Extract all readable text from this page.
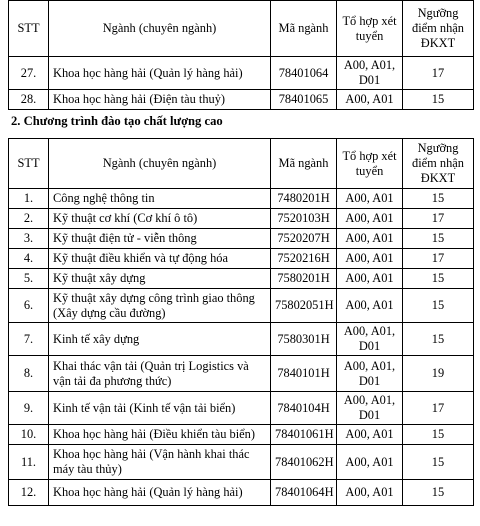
STT	Ngành (chuyên ngành)	Mã ngành	Tổ hợp xét tuyển	Ngưỡng điểm nhận ĐKXT
27.	Khoa học hàng hải (Quản lý hàng hải)	78401064	A00, A01, D01	17
28.	Khoa học hàng hải (Điện tàu thuỷ)	78401065	A00, A01	15
2. Chương trình đào tạo chất lượng cao
STT	Ngành (chuyên ngành)	Mã ngành	Tổ hợp xét tuyển	Ngưỡng điểm nhận ĐKXT
1.	Công nghệ thông tin	7480201H	A00, A01	15
2.	Kỹ thuật cơ khí (Cơ khí ô tô)	7520103H	A00, A01	17
3.	Kỹ thuật điện tử - viễn thông	7520207H	A00, A01	15
4.	Kỹ thuật điều khiển và tự động hóa	7520216H	A00, A01	17
5.	Kỹ thuật xây dựng	7580201H	A00, A01	15
6.	Kỹ thuật xây dựng công trình giao thông (Xây dựng cầu đường)	75802051H	A00, A01	15
7.	Kinh tế xây dựng	7580301H	A00, A01, D01	15
8.	Khai thác vận tải (Quản trị Logistics và vận tải đa phương thức)	7840101H	A00, A01, D01	19
9.	Kinh tế vận tải (Kinh tế vận tải biển)	7840104H	A00, A01, D01	17
10.	Khoa học hàng hải (Điều khiển tàu biển)	78401061H	A00, A01	15
11.	Khoa học hàng hải (Vận hành khai thác máy tàu thủy)	78401062H	A00, A01	15
12.	Khoa học hàng hải (Quản lý hàng hải)	78401064H	A00, A01	15
